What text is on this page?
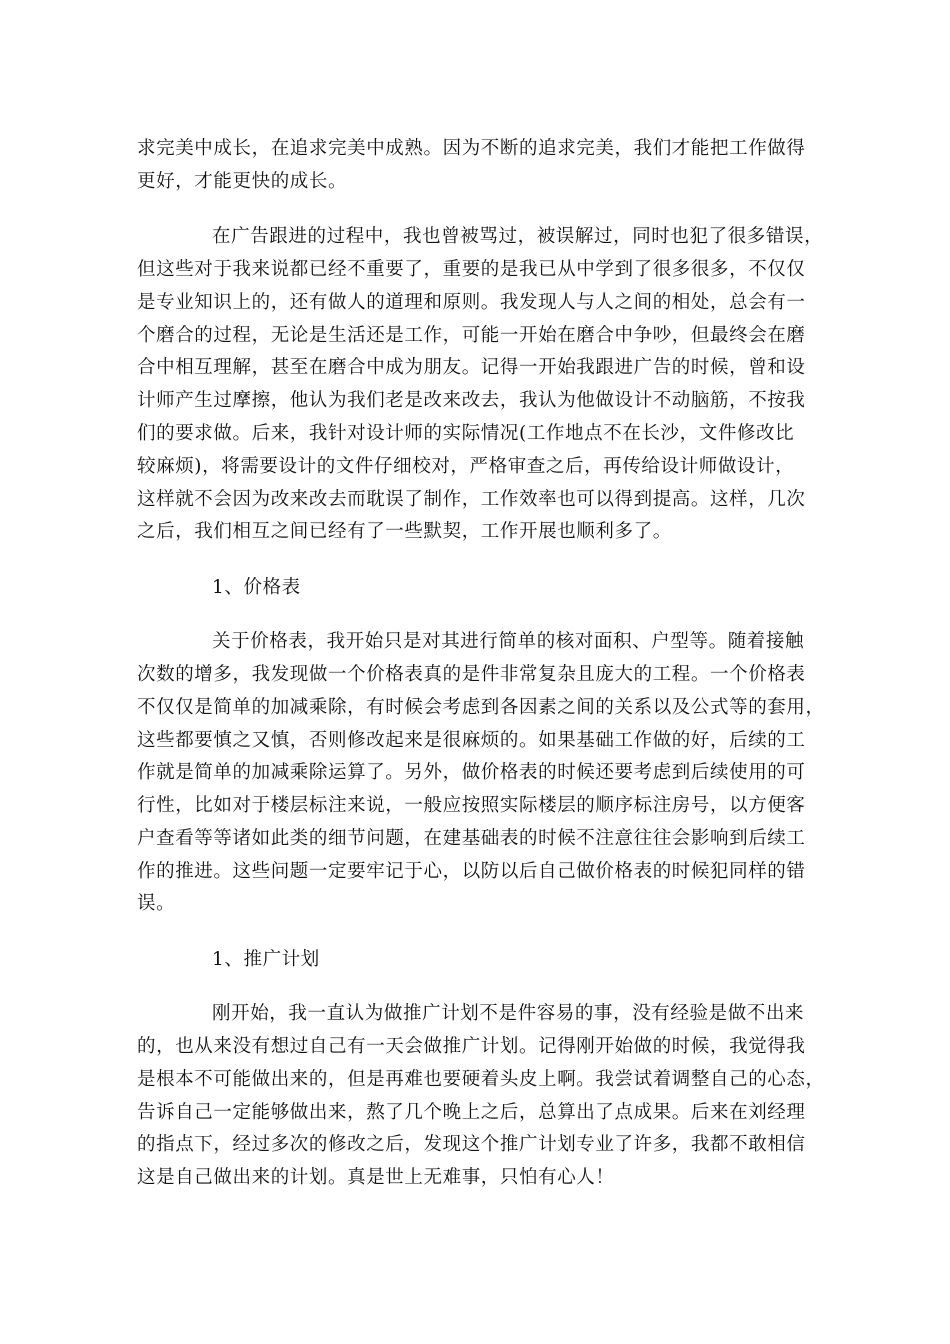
求完美中成长，在追求完美中成熟。因为不断的追求完美，我们才能把工作做得
更好，才能更快的成长。
在广告跟进的过程中，我也曾被骂过，被误解过，同时也犯了很多错误，
但这些对于我来说都已经不重要了，重要的是我已从中学到了很多很多，不仅仅
是专业知识上的，还有做人的道理和原则。我发现人与人之间的相处，总会有一
个磨合的过程，无论是生活还是工作，可能一开始在磨合中争吵，但最终会在磨
合中相互理解，甚至在磨合中成为朋友。记得一开始我跟进广告的时候，曾和设
计师产生过摩擦，他认为我们老是改来改去，我认为他做设计不动脑筋，不按我
们的要求做。后来，我针对设计师的实际情况(工作地点不在长沙，文件修改比
较麻烦)，将需要设计的文件仔细校对，严格审查之后，再传给设计师做设计，
这样就不会因为改来改去而耽误了制作，工作效率也可以得到提高。这样，几次
之后，我们相互之间已经有了一些默契，工作开展也顺利多了。
1、价格表
关于价格表，我开始只是对其进行简单的核对面积、户型等。随着接触
次数的增多，我发现做一个价格表真的是件非常复杂且庞大的工程。一个价格表
不仅仅是简单的加减乘除，有时候会考虑到各因素之间的关系以及公式等的套用，
这些都要慎之又慎，否则修改起来是很麻烦的。如果基础工作做的好，后续的工
作就是简单的加减乘除运算了。另外，做价格表的时候还要考虑到后续使用的可
行性，比如对于楼层标注来说，一般应按照实际楼层的顺序标注房号，以方便客
户查看等等诸如此类的细节问题，在建基础表的时候不注意往往会影响到后续工
作的推进。这些问题一定要牢记于心，以防以后自己做价格表的时候犯同样的错
误。
1、推广计划
刚开始，我一直认为做推广计划不是件容易的事，没有经验是做不出来
的，也从来没有想过自己有一天会做推广计划。记得刚开始做的时候，我觉得我
是根本不可能做出来的，但是再难也要硬着头皮上啊。我尝试着调整自己的心态，
告诉自己一定能够做出来，熬了几个晚上之后，总算出了点成果。后来在刘经理
的指点下，经过多次的修改之后，发现这个推广计划专业了许多，我都不敢相信
这是自己做出来的计划。真是世上无难事，只怕有心人！
